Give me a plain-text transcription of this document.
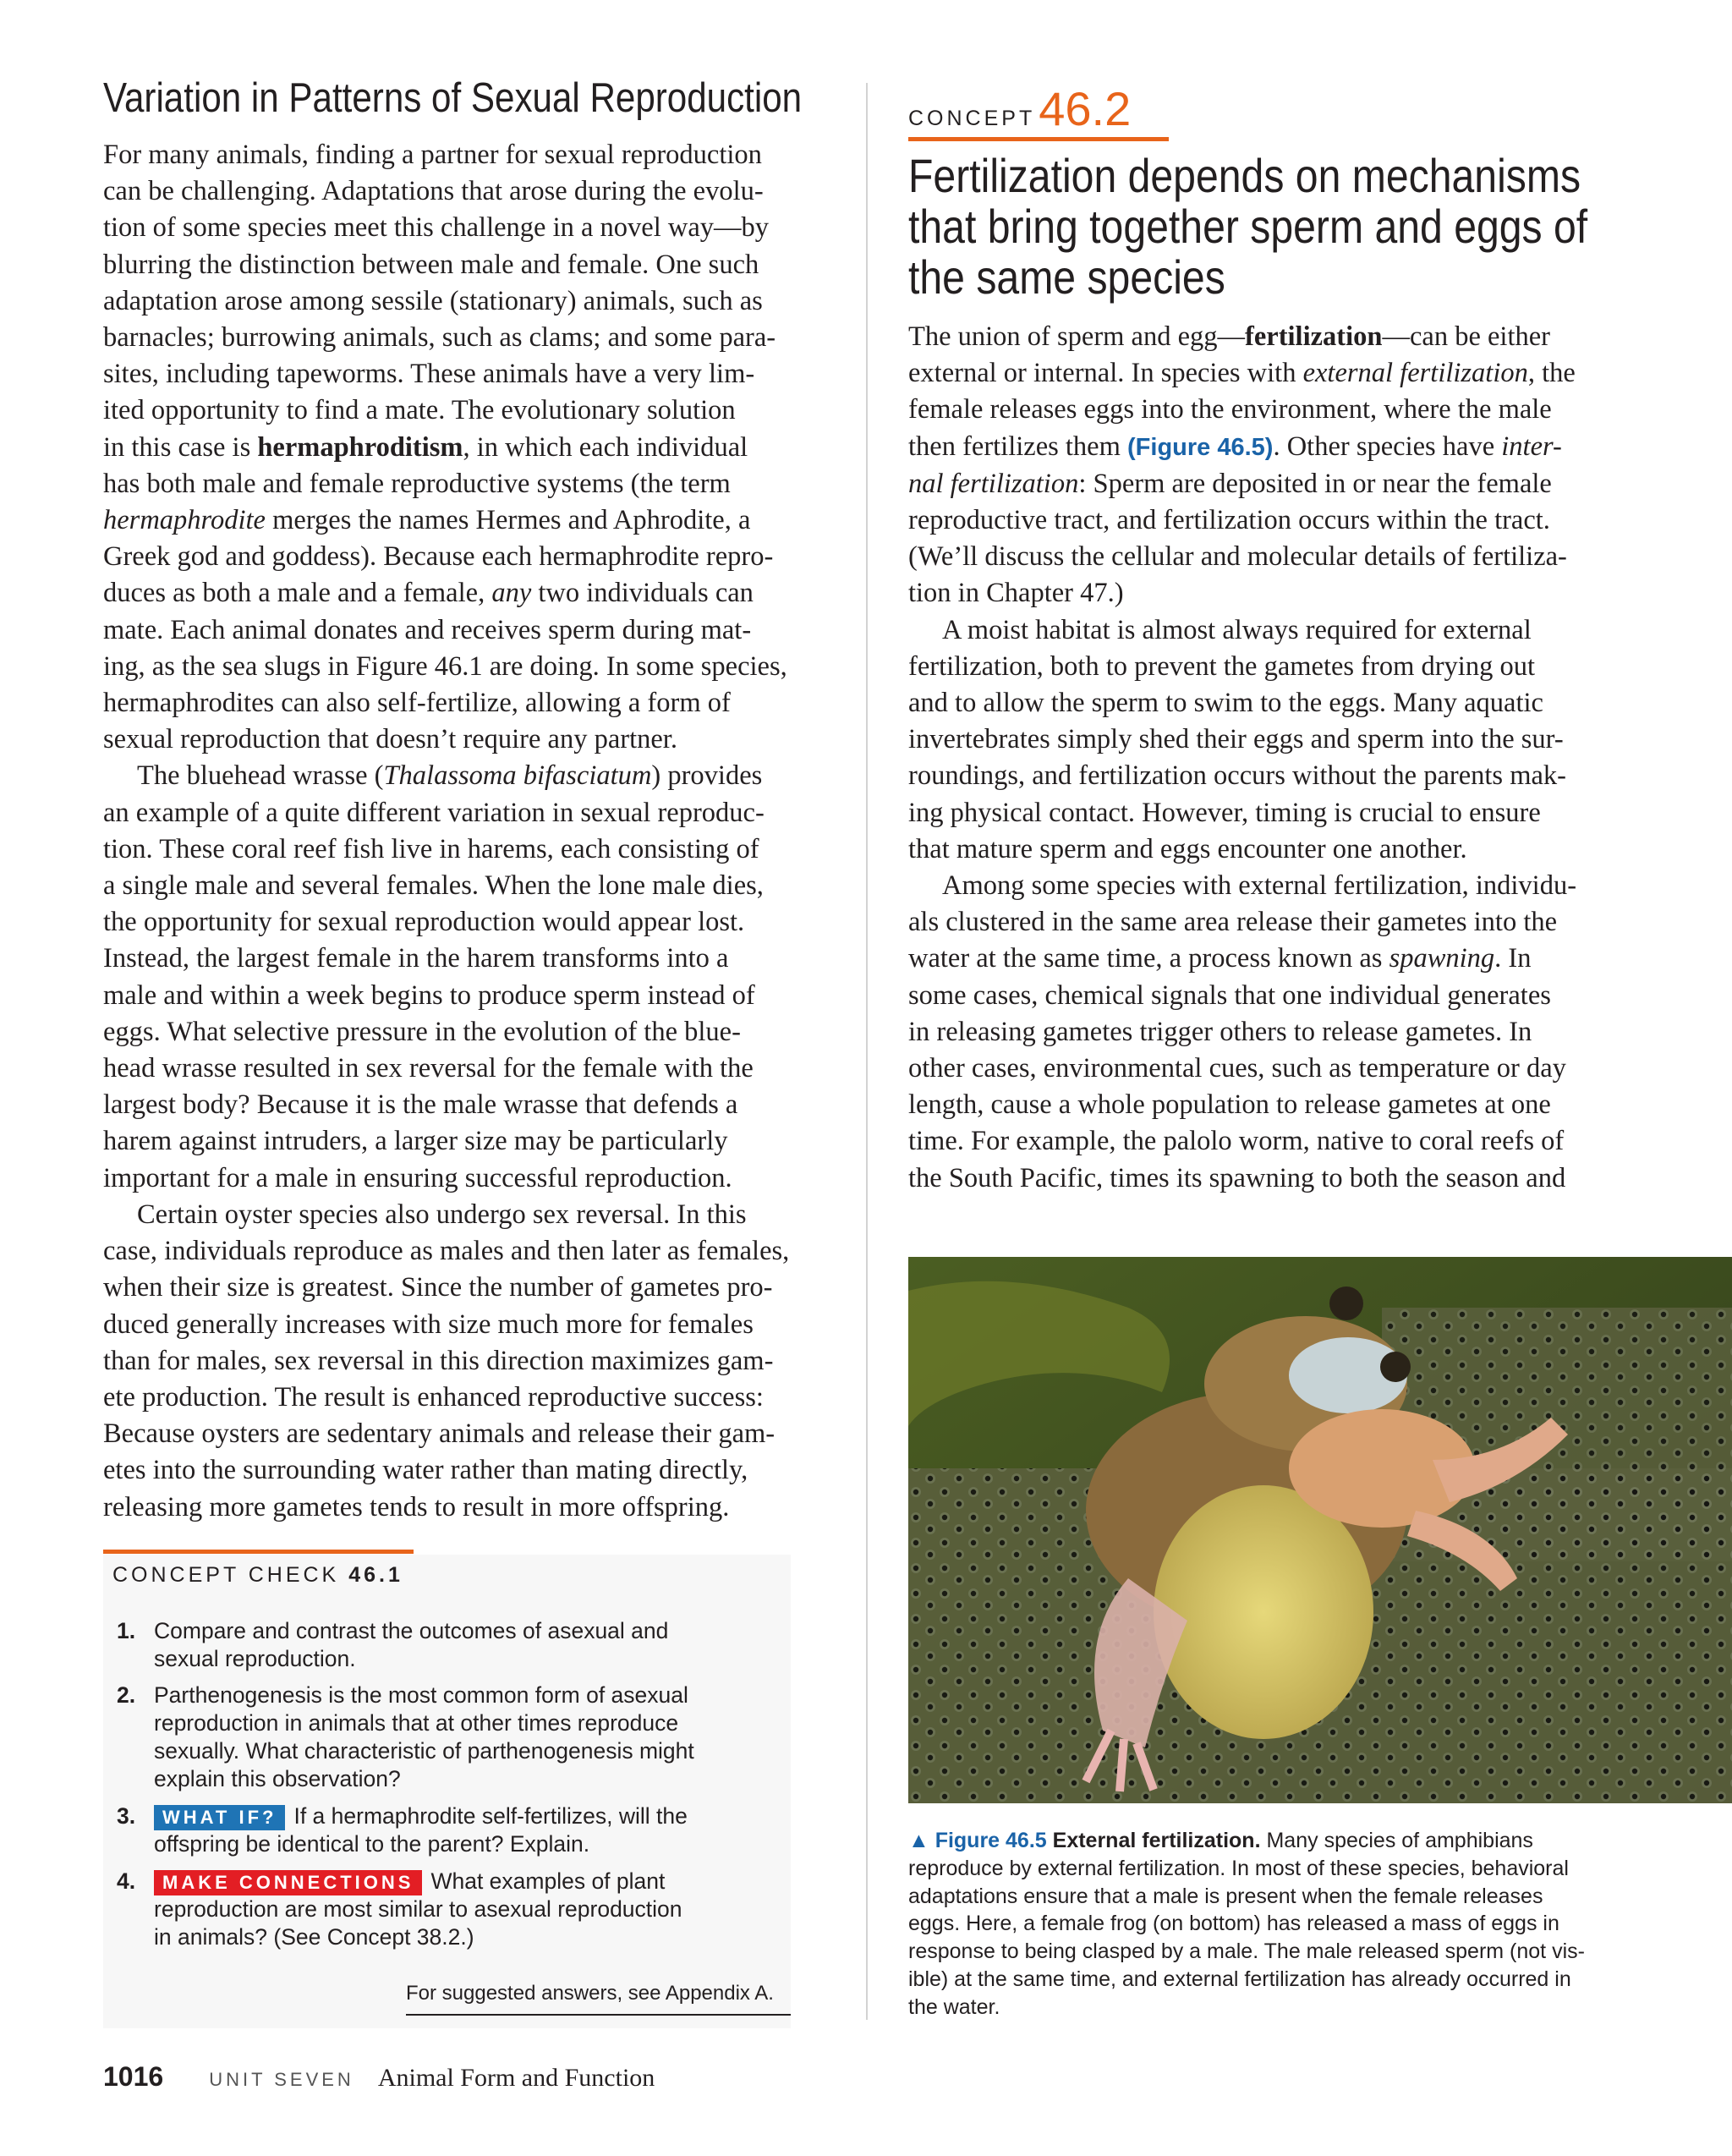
Variation in Patterns of Sexual Reproduction

For many animals, finding a partner for sexual reproduction
can be challenging. Adaptations that arose during the evolu-
tion of some species meet this challenge in a novel way—by
blurring the distinction between male and female. One such
adaptation arose among sessile (stationary) animals, such as
barnacles; burrowing animals, such as clams; and some para-
sites, including tapeworms. These animals have a very lim-
ited opportunity to find a mate. The evolutionary solution
in this case is hermaphroditism, in which each individual
has both male and female reproductive systems (the term
hermaphrodite merges the names Hermes and Aphrodite, a
Greek god and goddess). Because each hermaphrodite repro-
duces as both a male and a female, any two individuals can
mate. Each animal donates and receives sperm during mat-
ing, as the sea slugs in Figure 46.1 are doing. In some species,
hermaphrodites can also self-fertilize, allowing a form of
sexual reproduction that doesn’t require any partner.

The bluehead wrasse (Thalassoma bifasciatum) provides
an example of a quite different variation in sexual reproduc-
tion. These coral reef fish live in harems, each consisting of
a single male and several females. When the lone male dies,
the opportunity for sexual reproduction would appear lost.
Instead, the largest female in the harem transforms into a
male and within a week begins to produce sperm instead of
eggs. What selective pressure in the evolution of the blue-
head wrasse resulted in sex reversal for the female with the
largest body? Because it is the male wrasse that defends a
harem against intruders, a larger size may be particularly
important for a male in ensuring successful reproduction.

Certain oyster species also undergo sex reversal. In this
case, individuals reproduce as males and then later as females,
when their size is greatest. Since the number of gametes pro-
duced generally increases with size much more for females
than for males, sex reversal in this direction maximizes gam-
ete production. The result is enhanced reproductive success:
Because oysters are sedentary animals and release their gam-
etes into the surrounding water rather than mating directly,
releasing more gametes tends to result in more offspring.

CONCEPT CHECK 46.1
1. Compare and contrast the outcomes of asexual and
sexual reproduction.
2. Parthenogenesis is the most common form of asexual
reproduction in animals that at other times reproduce
sexually. What characteristic of parthenogenesis might
explain this observation?
3.	WHAT IF? If a hermaphrodite self-fertilizes, will the
offspring be identical to the parent? Explain.
4.	MAKE CONNECTIONS What examples of plant
reproduction are most similar to asexual reproduction
in animals? (See Concept 38.2.)
For suggested answers, see Appendix A.
CONCEPT 46.2
Fertilization depends on mechanisms
that bring together sperm and eggs of
the same species

The union of sperm and egg—fertilization—can be either
external or internal. In species with external fertilization, the
female releases eggs into the environment, where the male
then fertilizes them (Figure 46.5). Other species have inter-
nal fertilization: Sperm are deposited in or near the female
reproductive tract, and fertilization occurs within the tract.
(We’ll discuss the cellular and molecular details of fertiliza-
tion in Chapter 47.)

A moist habitat is almost always required for external
fertilization, both to prevent the gametes from drying out
and to allow the sperm to swim to the eggs. Many aquatic
invertebrates simply shed their eggs and sperm into the sur-
roundings, and fertilization occurs without the parents mak-
ing physical contact. However, timing is crucial to ensure
that mature sperm and eggs encounter one another.

Among some species with external fertilization, individu-
als clustered in the same area release their gametes into the
water at the same time, a process known as spawning. In
some cases, chemical signals that one individual generates
in releasing gametes trigger others to release gametes. In
other cases, environmental cues, such as temperature or day
length, cause a whole population to release gametes at one
time. For example, the palolo worm, native to coral reefs of
the South Pacific, times its spawning to both the season and

▲ Figure 46.5 External fertilization. Many species of amphibians
reproduce by external fertilization. In most of these species, behavioral
adaptations ensure that a male is present when the female releases
eggs. Here, a female frog (on bottom) has released a mass of eggs in
response to being clasped by a male. The male released sperm (not vis-
ible) at the same time, and external fertilization has already occurred in
the water.
1016 UNIT SEVEN Animal Form and Function
